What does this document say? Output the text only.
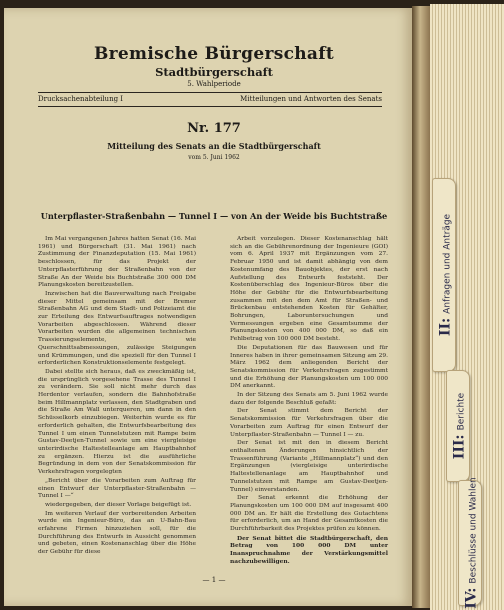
Bremische Bürgerschaft
Stadtbürgerschaft
5. Wahlperiode
Drucksachenabteilung I	Mitteilungen und Antworten des Senats
Nr. 177
Mitteilung des Senats an die Stadtbürgerschaft
vom 5. Juni 1962
Unterpflaster-Straßenbahn — Tunnel I — von An der Weide bis Buchtstraße

Im Mai vergangenen Jahres hatten Senat (16. Mai 1961) und Bürgerschaft (31. Mai 1961) nach Zustimmung der Finanzdeputation (15. Mai 1961) beschlossen, für das Projekt der Unterpflasterführung der Straßenbahn von der Straße An der Weide bis Buchtstraße 300 000 DM Planungskosten bereitzustellen.

Inzwischen hat die Bauverwaltung nach Freigabe dieser Mittel gemeinsam mit der Bremer Straßenbahn AG und dem Stadt- und Polizeiamt die zur Erteilung des Entwurfsauftrages notwendigen Vorarbeiten abgeschlossen. Während dieser Vorarbeiten wurden die allgemeinen technischen Trassierungselemente, wie Querschnittsabmessungen, zulässige Steigungen und Krümmungen, und die speziell für den Tunnel I erforderlichen Konstruktionselemente festgelegt.

Dabei stellte sich heraus, daß es zweckmäßig ist, die ursprünglich vorgesehene Trasse des Tunnel I zu verändern. Sie soll nicht mehr durch das Herdentor verlaufen, sondern die Bahnhofstraße beim Hillmannplatz verlassen, den Stadtgraben und die Straße Am Wall unterqueren, um dann in den Schüsselkorb einzubiegen. Weiterhin wurde es für erforderlich gehalten, die Entwurfsbearbeitung des Tunnel I um einen Tunnelstutzen mit Rampe beim Gustav-Deetjen-Tunnel sowie um eine viergleisige unterirdische Haltestelleanlage am Hauptbahnhof zu ergänzen. Hierzu ist die ausführliche Begründung in dem von der Senatskommission für Verkehrsfragen vorgelegten

„Bericht über die Vorarbeiten zum Auftrag für einen Entwurf der Unterpflaster-Straßenbahn — Tunnel I —“

wiedergegeben, der dieser Vorlage beigefügt ist.

Im weiteren Verlauf der vorbereitenden Arbeiten wurde ein Ingenieur-Büro, das an U-Bahn-Bau erfahrene Firmen hinzuziehen soll, für die Durchführung des Entwurfs in Aussicht genommen und gebeten, einen Kostenanschlag über die Höhe der Gebühr für diese

Arbeit vorzulegen. Dieser Kostenanschlag hält sich an die Gebührenordnung der Ingenieure (GOI) vom 6. April 1937 mit Ergänzungen vom 27. Februar 1950 und ist damit abhängig von dem Kostenumfang des Bauobjektes, der erst nach Aufstellung des Entwurfs feststeht. Der Kostenüberschlag des Ingenieur-Büros über die Höhe der Gebühr für die Entwurfsbearbeitung zusammen mit den dem Amt für Straßen- und Brückenbau entstehenden Kosten für Gehälter, Bohrungen, Laboruntersuchungen und Vermessungen ergeben eine Gesamtsumme der Planungskosten von 400 000 DM, so daß ein Fehlbetrag von 100 000 DM besteht.

Die Deputationen für das Bauwesen und für Inneres haben in ihrer gemeinsamen Sitzung am 29. März 1962 dem anliegenden Bericht der Senatskommission für Verkehrsfragen zugestimmt und die Erhöhung der Planungskosten um 100 000 DM anerkannt.

In der Sitzung des Senats am 5. Juni 1962 wurde dazu der folgende Beschluß gefaßt:

Der Senat stimmt dem Bericht der Senatskommission für Verkehrsfragen über die Vorarbeiten zum Auftrag für einen Entwurf der Unterpflaster-Straßenbahn — Tunnel I — zu.

Der Senat ist mit den in diesem Bericht enthaltenen Änderungen hinsichtlich der Trassenführung (Variante „Hillmannplatz“) und den Ergänzungen (viergleisige unterirdische Haltestellenanlage am Hauptbahnhof und Tunnelstutzen mit Rampe am Gustav-Deetjen-Tunnel) einverstanden.

Der Senat erkennt die Erhöhung der Planungskosten um 100 000 DM auf insgesamt 400 000 DM an. Er hält die Erstellung des Gutachtens für erforderlich, um an Hand der Gesamtkosten die Durchführbarkeit des Projektes prüfen zu können.

Der Senat bittet die Stadtbürgerschaft, den Betrag von 100 000 DM unter Inanspruchnahme der Verstärkungsmittel nachzubewilligen.

— 1 —
II:Anfragen und Anträge
III:Berichte
IV:Beschlüsse und Wahlen
